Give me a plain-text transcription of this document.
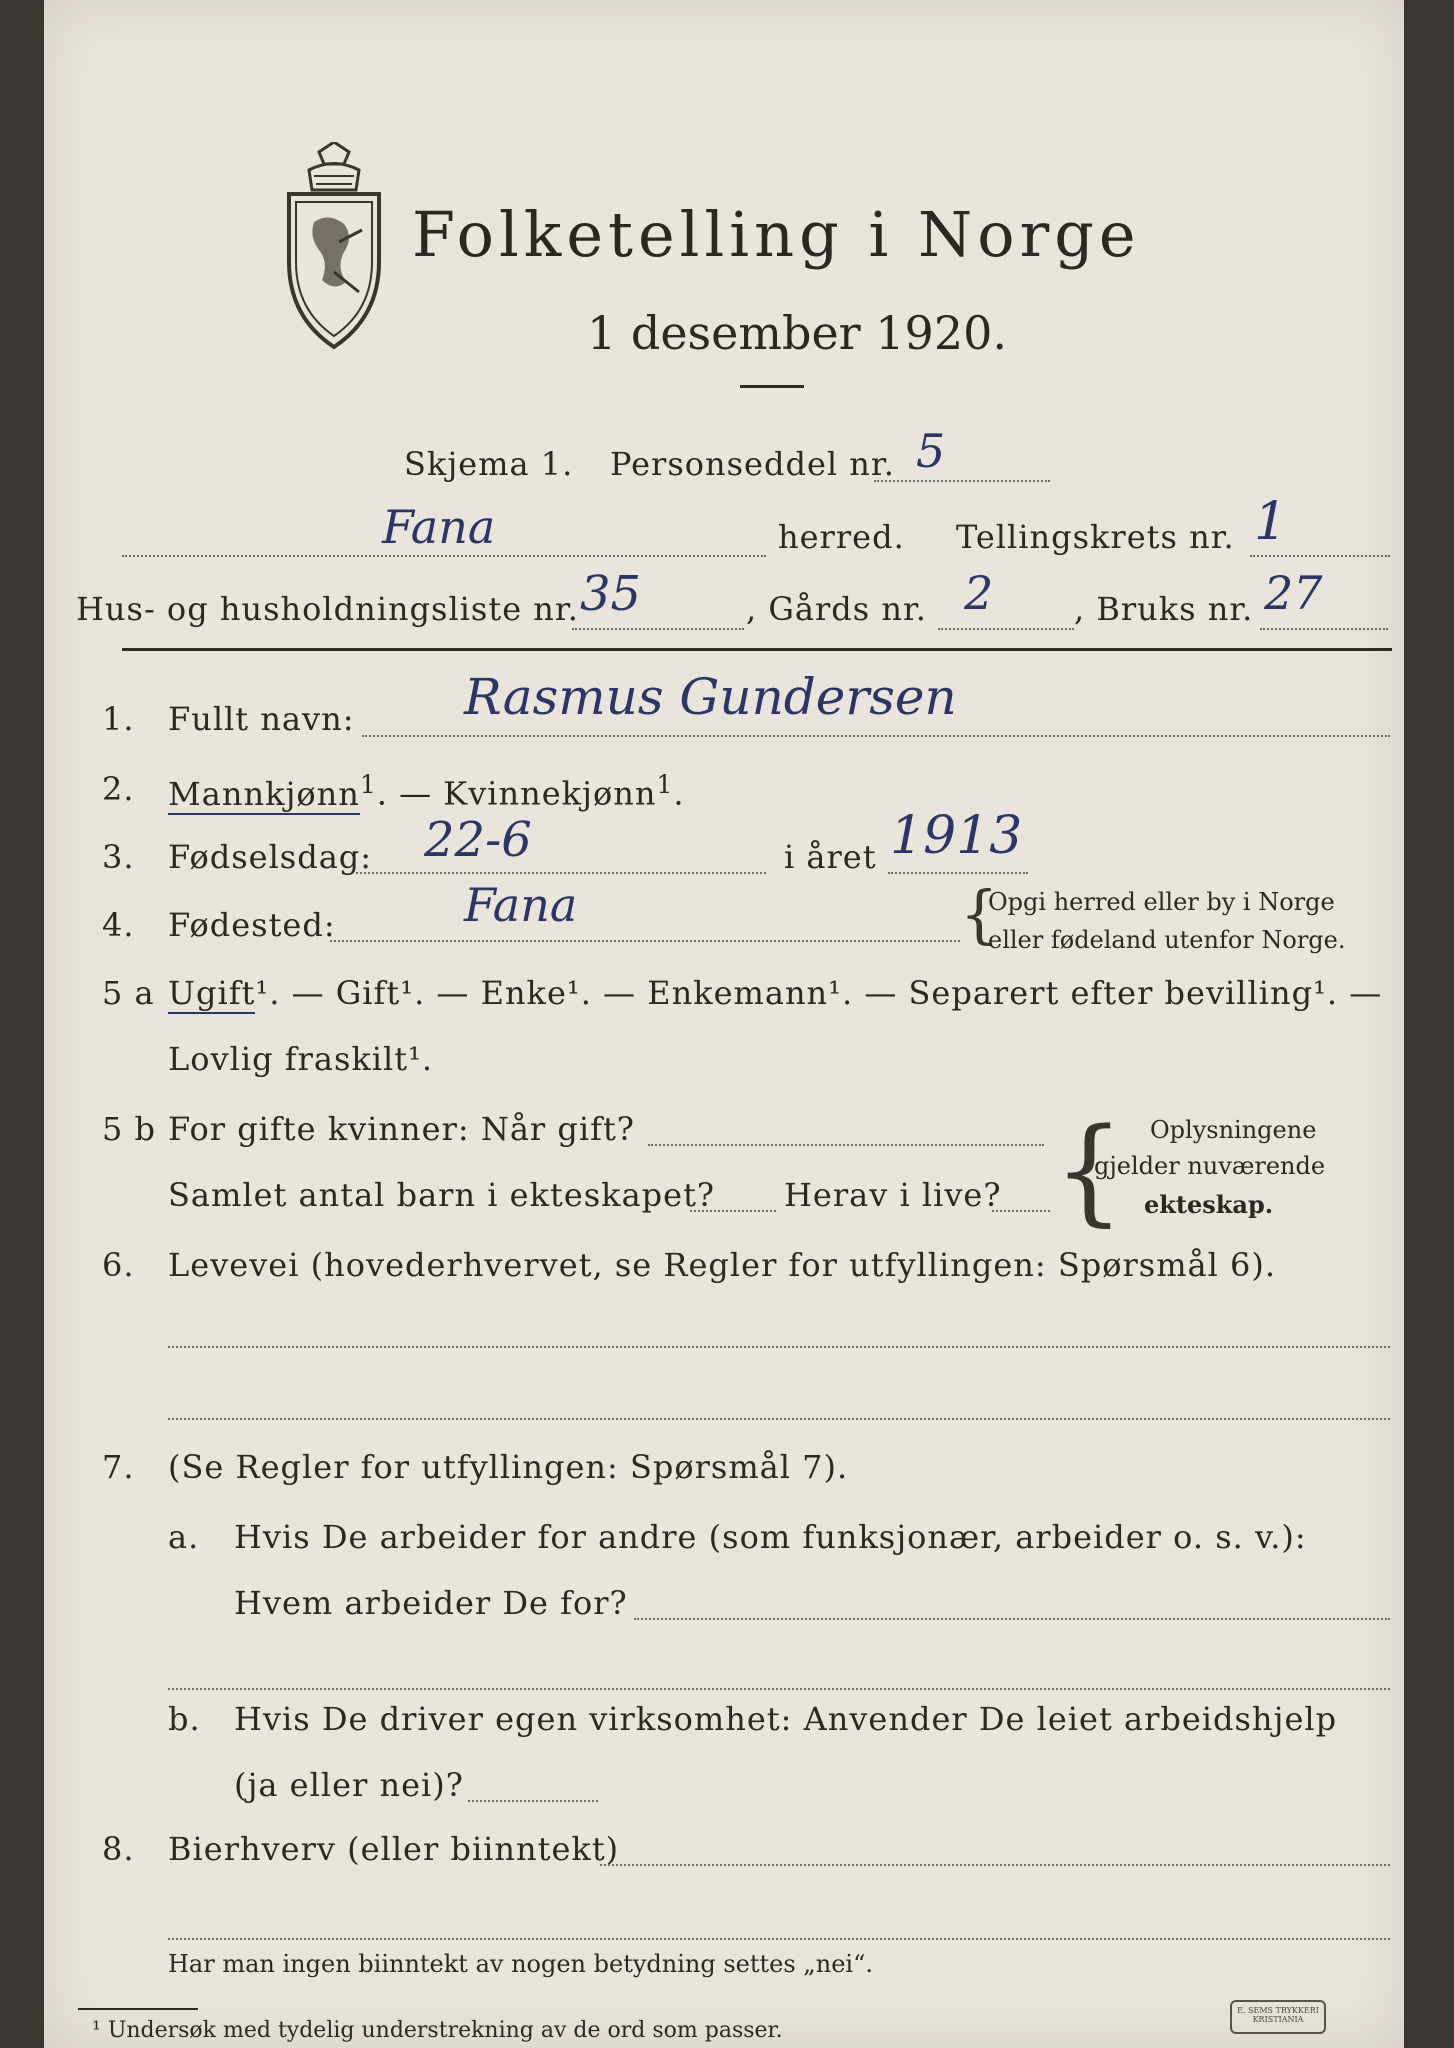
Folketelling i Norge
1 desember 1920.
Skjema 1. Personseddel nr. 5
Fana	herred. Tellingskrets nr. 1
Hus- og husholdningsliste nr. 35	, Gårds nr. 2	, Bruks nr. 27
1. Fullt navn: Rasmus Gundersen
2. Mannkjønn$^1$. — Kvinnekjønn$^1$.
3. Fødselsdag: 22-6	i året 1913
4. Fødested:	Fana	{
Opgi herred eller by i Norge
eller fødeland utenfor Norge.
5 a Ugift¹. — Gift¹. — Enke¹. — Enkemann¹. — Separert efter bevilling¹. —
Lovlig fraskilt¹.
5 b For gifte kvinner: Når gift?
Samlet antal barn i ekteskapet? Herav i live? { Oplysningene
gjelder nuværende
ekteskap.
6. Levevei (hovederhvervet, se Regler for utfyllingen: Spørsmål 6).
7. (Se Regler for utfyllingen: Spørsmål 7).
a. Hvis De arbeider for andre (som funksjonær, arbeider o. s. v.):
Hvem arbeider De for?
b. Hvis De driver egen virksomhet: Anvender De leiet arbeidshjelp
(ja eller nei)?
8. Bierhverv (eller biinntekt)
Har man ingen biinntekt av nogen betydning settes „nei“.
¹ Undersøk med tydelig understrekning av de ord som passer.
E. SEMS TRYKKERI KRISTIANIA
